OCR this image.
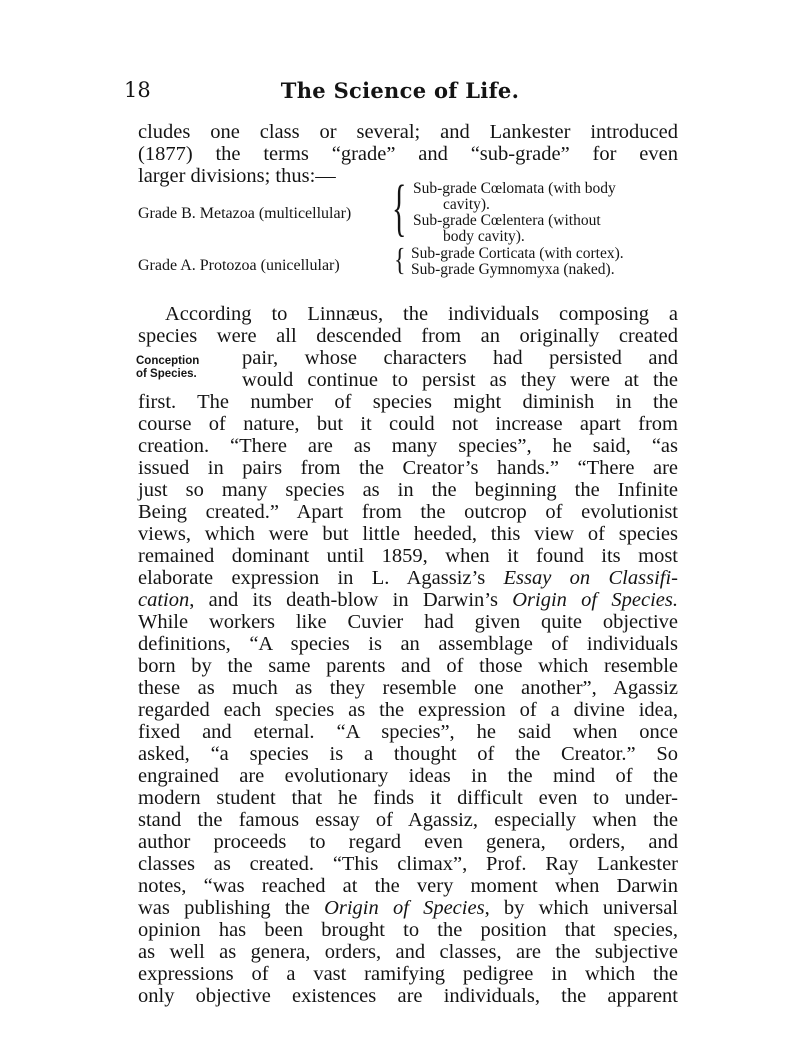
18	The Science of Life.
cludes one class or several; and Lankester introduced
(1877) the terms “grade” and “sub-grade” for even
larger divisions; thus:—
Grade B. Metazoa (multicellular) { Sub-grade Cœlomata (with body
cavity).
Sub-grade Cœlentera (without
body cavity).
Grade A. Protozoa (unicellular) { Sub-grade Corticata (with cortex).
Sub-grade Gymnomyxa (naked).
Conception
of Species.
According to Linnæus, the individuals composing a
species were all descended from an originally created
pair, whose characters had persisted and
would continue to persist as they were at the
first. The number of species might diminish in the
course of nature, but it could not increase apart from
creation. “There are as many species”, he said, “as
issued in pairs from the Creator’s hands.” “There are
just so many species as in the beginning the Infinite
Being created.” Apart from the outcrop of evolutionist
views, which were but little heeded, this view of species
remained dominant until 1859, when it found its most
elaborate expression in L. Agassiz’s Essay on Classifi-
cation, and its death-blow in Darwin’s Origin of Species.
While workers like Cuvier had given quite objective
definitions, “A species is an assemblage of individuals
born by the same parents and of those which resemble
these as much as they resemble one another”, Agassiz
regarded each species as the expression of a divine idea,
fixed and eternal. “A species”, he said when once
asked, “a species is a thought of the Creator.” So
engrained are evolutionary ideas in the mind of the
modern student that he finds it difficult even to under-
stand the famous essay of Agassiz, especially when the
author proceeds to regard even genera, orders, and
classes as created. “This climax”, Prof. Ray Lankester
notes, “was reached at the very moment when Darwin
was publishing the Origin of Species, by which universal
opinion has been brought to the position that species,
as well as genera, orders, and classes, are the subjective
expressions of a vast ramifying pedigree in which the
only objective existences are individuals, the apparent
